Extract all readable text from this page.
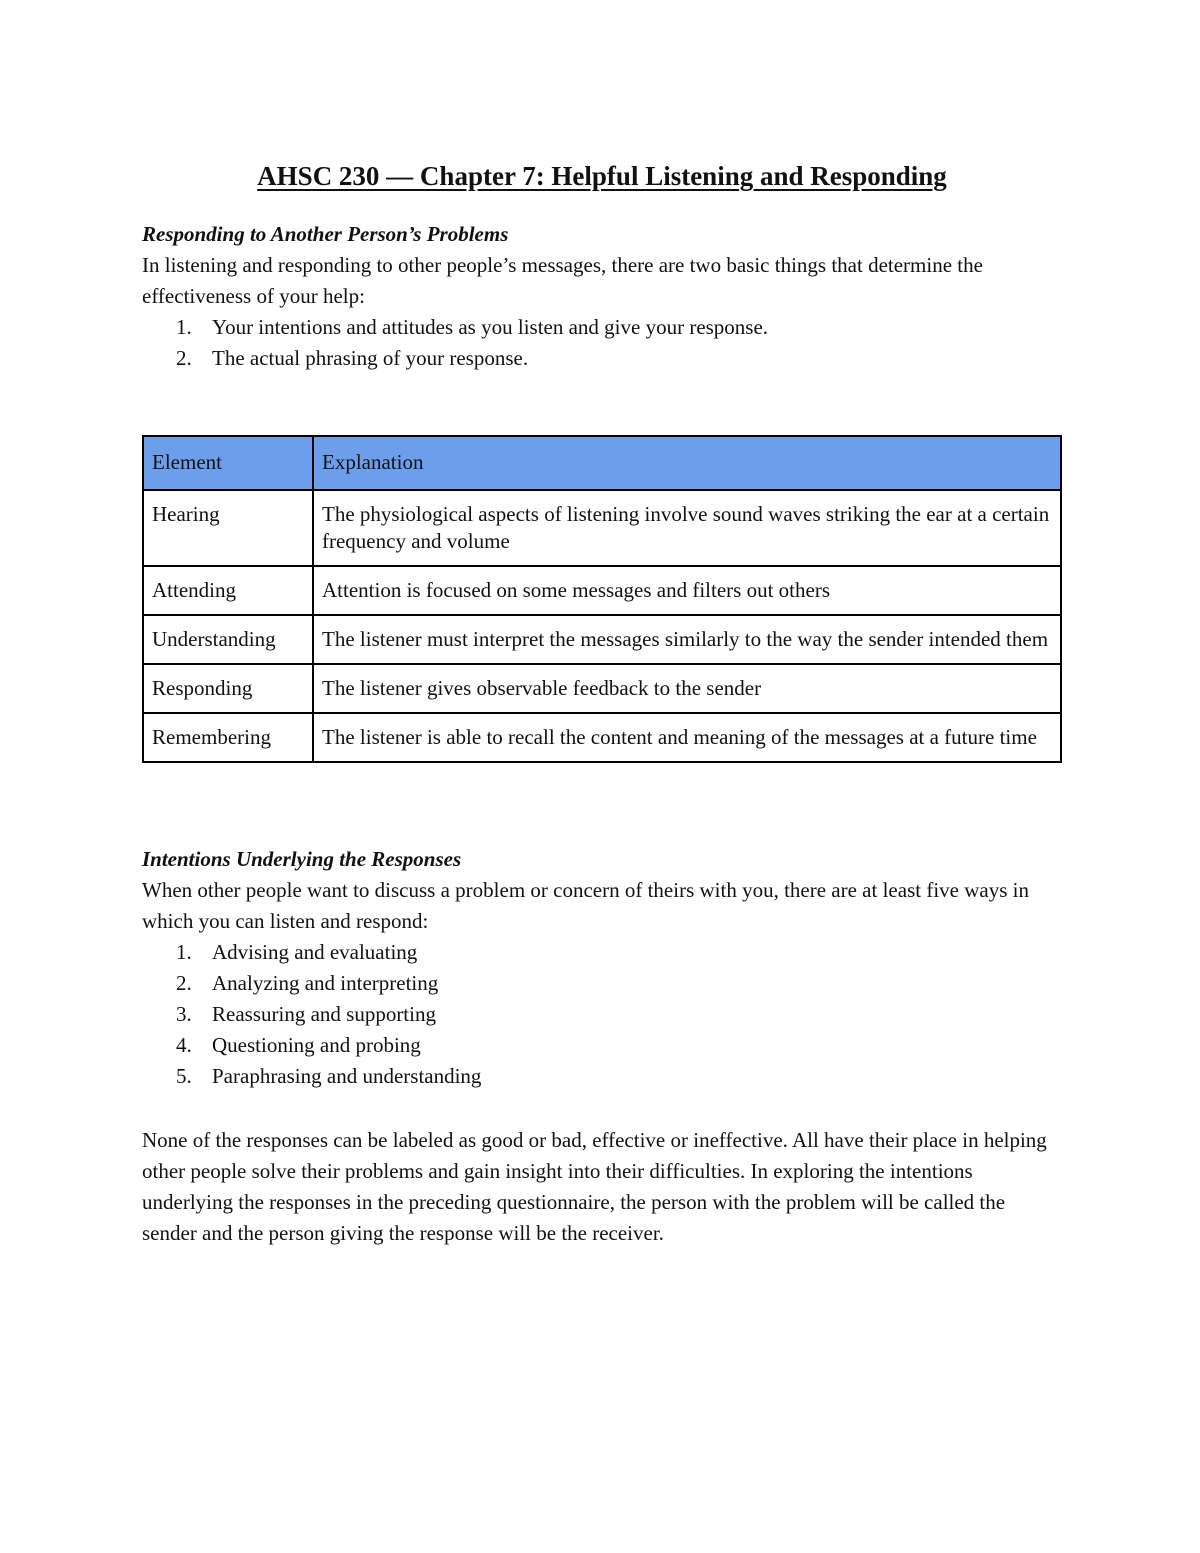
AHSC 230 — Chapter 7: Helpful Listening and Responding

Responding to Another Person’s Problems

In listening and responding to other people’s messages, there are two basic things that determine the effectiveness of your help:

1. Your intentions and attitudes as you listen and give your response.
2. The actual phrasing of your response.
Element	Explanation
Hearing	The physiological aspects of listening involve sound waves striking the ear at a certain frequency and volume
Attending	Attention is focused on some messages and filters out others
Understanding	The listener must interpret the messages similarly to the way the sender intended them
Responding	The listener gives observable feedback to the sender
Remembering	The listener is able to recall the content and meaning of the messages at a future time

Intentions Underlying the Responses

When other people want to discuss a problem or concern of theirs with you, there are at least five ways in which you can listen and respond:

1. Advising and evaluating
2. Analyzing and interpreting
3. Reassuring and supporting
4. Questioning and probing
5. Paraphrasing and understanding

None of the responses can be labeled as good or bad, effective or ineffective. All have their place in helping other people solve their problems and gain insight into their difficulties. In exploring the intentions underlying the responses in the preceding questionnaire, the person with the problem will be called the sender and the person giving the response will be the receiver.
